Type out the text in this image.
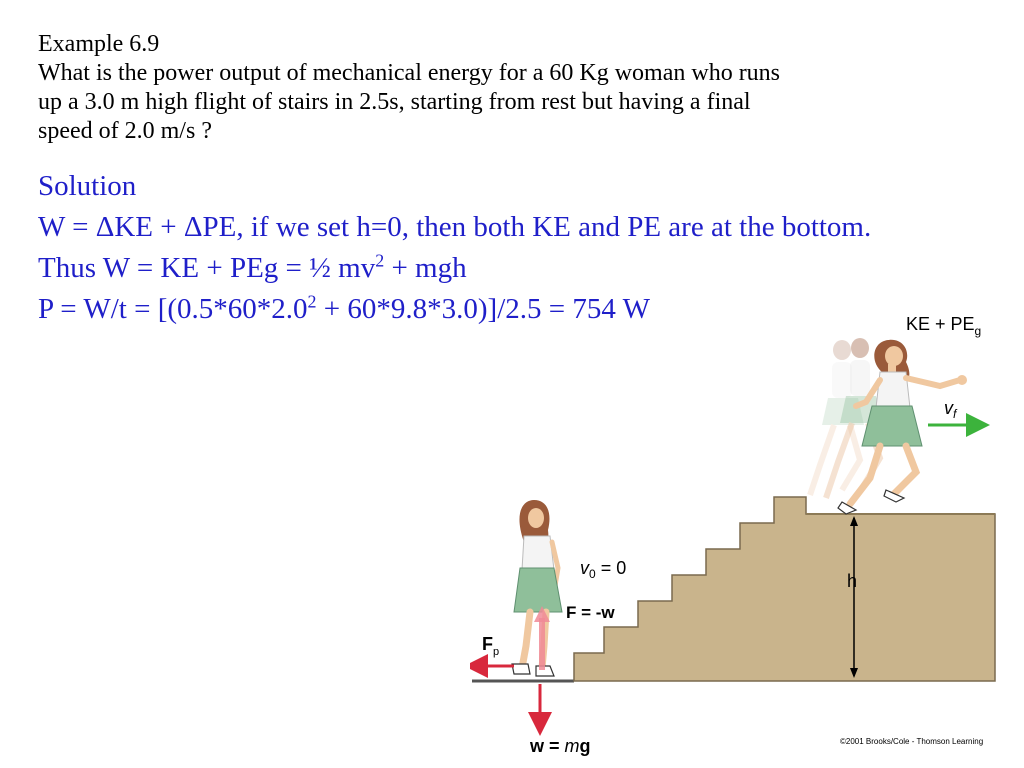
Example 6.9
What is the power output of mechanical energy for a 60 Kg woman who runs
up a 3.0 m high flight of stairs in 2.5s, starting from rest but having a final
speed of 2.0 m/s ?
Solution
W = ΔKE + ΔPE, if we set h=0, then both KE and PE are at the bottom.
Thus W = KE + PEg = ½ $mv^2$ + mgh
$P = W/t = [(0.5*60*2.0^2 + 60*9.8*3.0)]/2.5 = 754$ W
h
$v_f$
KE + $PE_g$
$F_p$
w = mg
$v_0 = 0$
F = -w
©2001 Brooks/Cole - Thomson Learning
